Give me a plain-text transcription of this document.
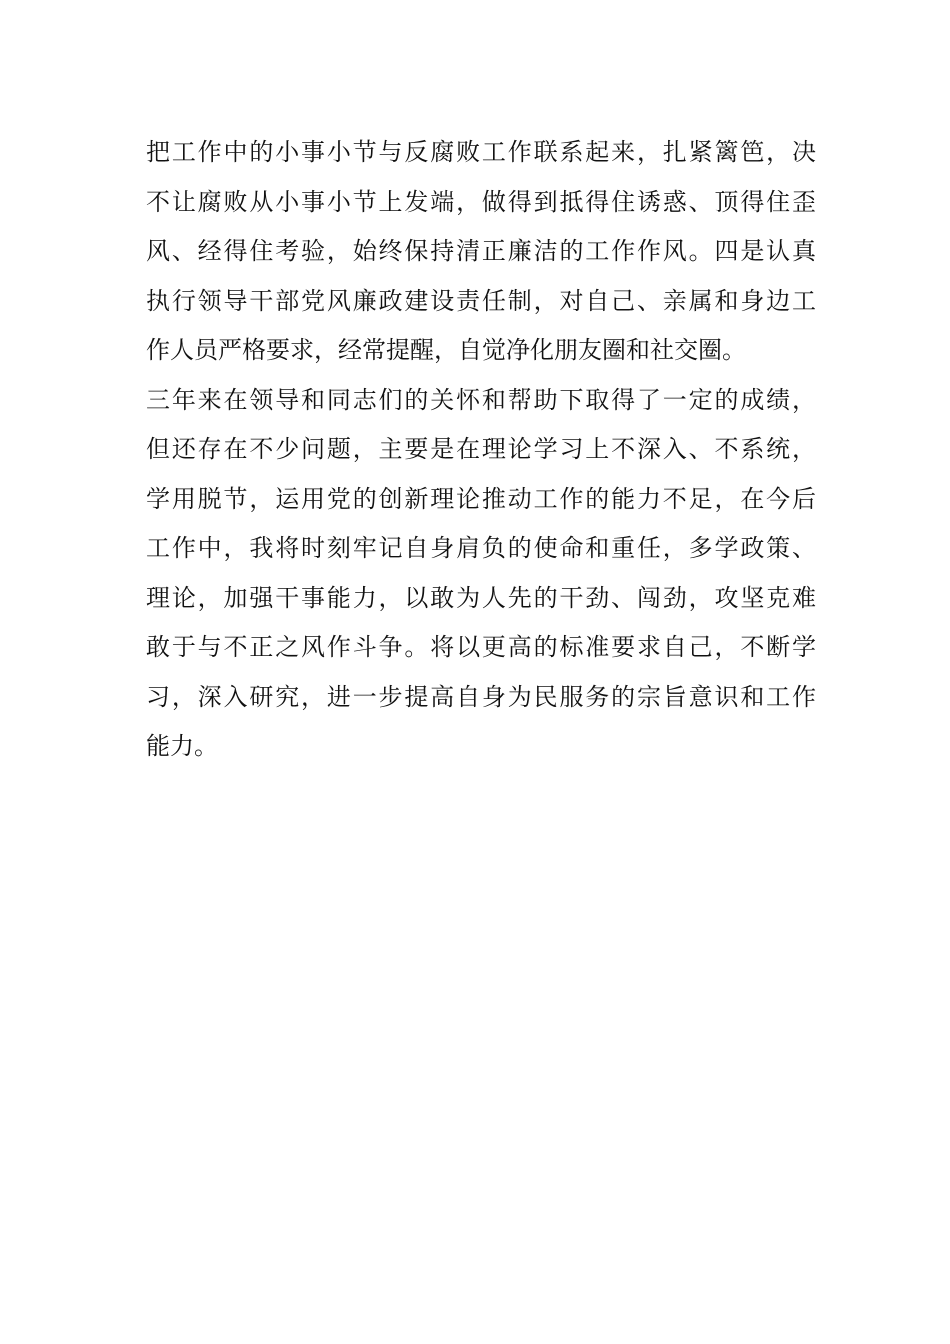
把工作中的小事小节与反腐败工作联系起来，扎紧篱笆，决
不让腐败从小事小节上发端，做得到抵得住诱惑、顶得住歪
风、经得住考验，始终保持清正廉洁的工作作风。四是认真
执行领导干部党风廉政建设责任制，对自己、亲属和身边工
作人员严格要求，经常提醒，自觉净化朋友圈和社交圈。
三年来在领导和同志们的关怀和帮助下取得了一定的成绩，
但还存在不少问题，主要是在理论学习上不深入、不系统，
学用脱节，运用党的创新理论推动工作的能力不足，在今后
工作中，我将时刻牢记自身肩负的使命和重任，多学政策、
理论，加强干事能力，以敢为人先的干劲、闯劲，攻坚克难
敢于与不正之风作斗争。将以更高的标准要求自己，不断学
习，深入研究，进一步提高自身为民服务的宗旨意识和工作
能力。
